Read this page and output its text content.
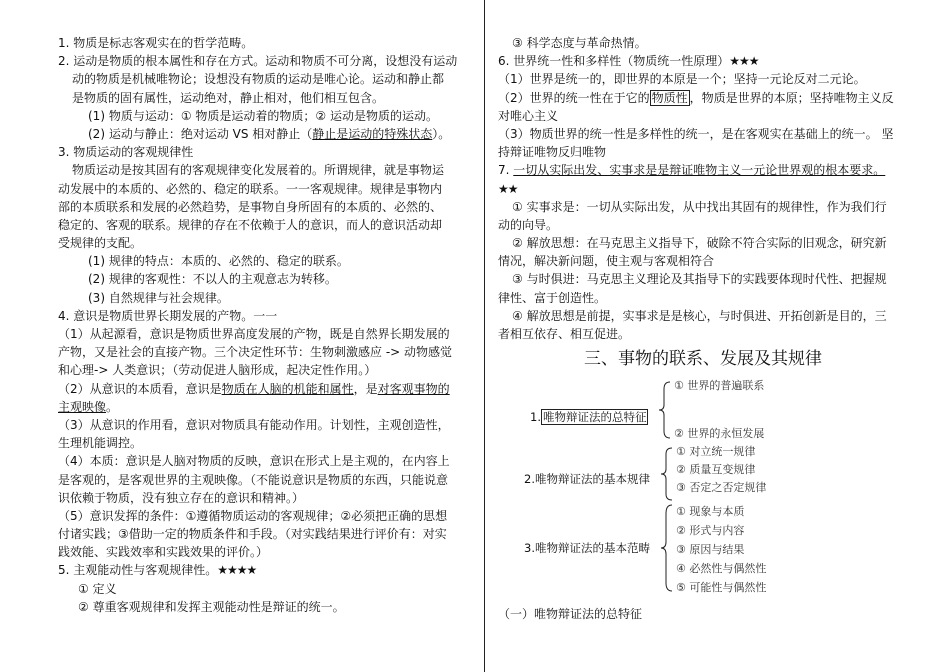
1. 物质是标志客观实在的哲学范畴。
2. 运动是物质的根本属性和存在方式。运动和物质不可分离，设想没有运动
动的物质是机械唯物论；设想没有物质的运动是唯心论。运动和静止都
是物质的固有属性，运动绝对，静止相对，他们相互包含。
(1) 物质与运动：① 物质是运动着的物质；② 运动是物质的运动。
(2) 运动与静止：绝对运动 VS 相对静止（静止是运动的特殊状态）。
3. 物质运动的客观规律性
物质运动是按其固有的客观规律变化发展着的。所谓规律，就是事物运
动发展中的本质的、必然的、稳定的联系。一一客观规律。规律是事物内
部的本质联系和发展的必然趋势，是事物自身所固有的本质的、必然的、
稳定的、客观的联系。规律的存在不依赖于人的意识，而人的意识活动却
受规律的支配。
(1) 规律的特点：本质的、必然的、稳定的联系。
(2) 规律的客观性：不以人的主观意志为转移。
(3) 自然规律与社会规律。
4. 意识是物质世界长期发展的产物。一一
（1）从起源看，意识是物质世界高度发展的产物，既是自然界长期发展的
产物，又是社会的直接产物。三个决定性环节：生物刺激感应 -> 动物感觉
和心理-> 人类意识；（劳动促进人脑形成，起决定性作用。）
（2）从意识的本质看，意识是物质在人脑的机能和属性，是对客观事物的
主观映像。
（3）从意识的作用看，意识对物质具有能动作用。计划性，主观创造性，
生理机能调控。
（4）本质：意识是人脑对物质的反映，意识在形式上是主观的，在内容上
是客观的，是客观世界的主观映像。（不能说意识是物质的东西，只能说意
识依赖于物质，没有独立存在的意识和精神。）
（5）意识发挥的条件：①遵循物质运动的客观规律；②必须把正确的思想
付诸实践；③借助一定的物质条件和手段。（对实践结果进行评价有：对实
践效能、实践效率和实践效果的评价。）
5. 主观能动性与客观规律性。★★★★
① 定义
② 尊重客观规律和发挥主观能动性是辩证的统一。
③ 科学态度与革命热情。
6. 世界统一性和多样性（物质统一性原理）★★★
（1）世界是统一的，即世界的本原是一个；坚持一元论反对二元论。
（2）世界的统一性在于它的 物质性 ，物质是世界的本原；坚持唯物主义反
对唯心主义
（3）物质世界的统一性是多样性的统一，是在客观实在基础上的统一。 坚
持辩证唯物反归唯物
7. 一切从实际出发、实事求是是辩证唯物主义一元论世界观的根本要求。
★★
① 实事求是：一切从实际出发，从中找出其固有的规律性，作为我们行
动的向导。
② 解放思想：在马克思主义指导下，破除不符合实际的旧观念，研究新
情况，解决新问题，使主观与客观相符合
③ 与时俱进：马克思主义理论及其指导下的实践要体现时代性、把握规
律性、富于创造性。
④ 解放思想是前提，实事求是是核心，与时俱进、开拓创新是目的，三
者相互依存、相互促进。
三、事物的联系、发展及其规律
1. 唯物辩证法的总特征
① 世界的普遍联系
② 世界的永恒发展
2.唯物辩证法的基本规律
① 对立统一规律
② 质量互变规律
③ 否定之否定规律
3.唯物辩证法的基本范畴
① 现象与本质
② 形式与内容
③ 原因与结果
④ 必然性与偶然性
⑤ 可能性与偶然性
（一）唯物辩证法的总特征
